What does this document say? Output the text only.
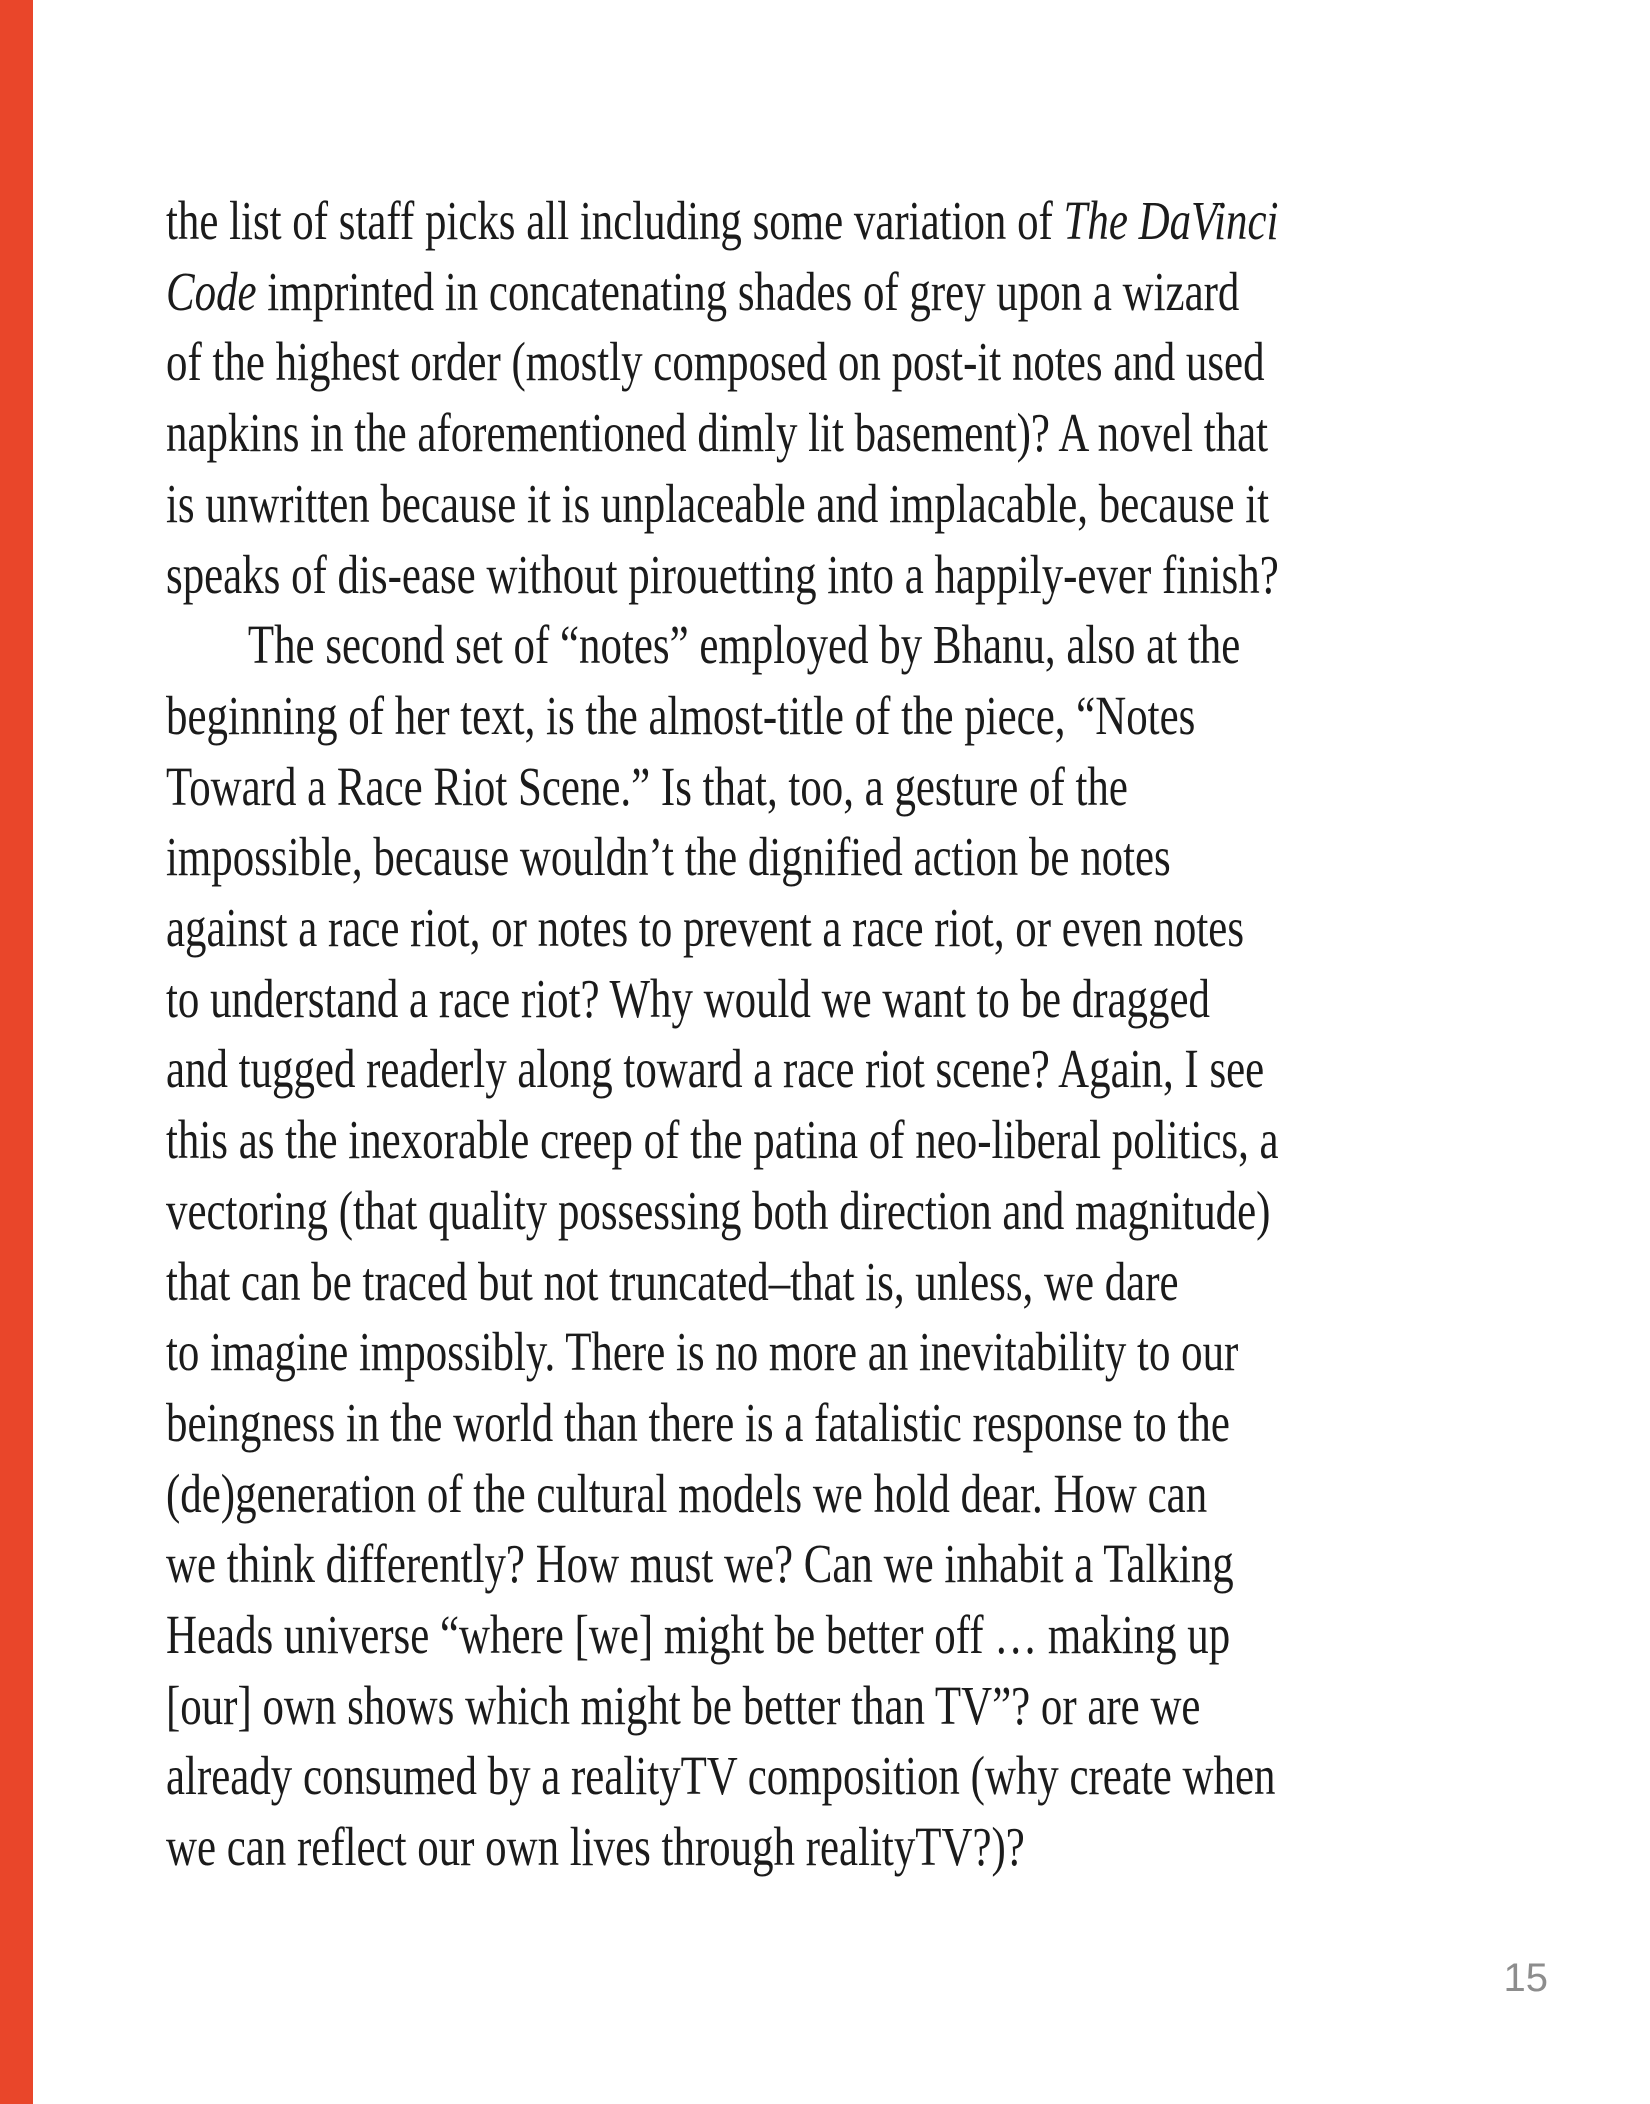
the list of staff picks all including some variation of The DaVinci
Code imprinted in concatenating shades of grey upon a wizard
of the highest order (mostly composed on post-it notes and used
napkins in the aforementioned dimly lit basement)? A novel that
is unwritten because it is unplaceable and implacable, because it
speaks of dis-ease without pirouetting into a happily-ever finish?
The second set of “notes” employed by Bhanu, also at the
beginning of her text, is the almost-title of the piece, “Notes
Toward a Race Riot Scene.” Is that, too, a gesture of the
impossible, because wouldn’t the dignified action be notes
against a race riot, or notes to prevent a race riot, or even notes
to understand a race riot? Why would we want to be dragged
and tugged readerly along toward a race riot scene? Again, I see
this as the inexorable creep of the patina of neo-liberal politics, a
vectoring (that quality possessing both direction and magnitude)
that can be traced but not truncated–that is, unless, we dare
to imagine impossibly. There is no more an inevitability to our
beingness in the world than there is a fatalistic response to the
(de)generation of the cultural models we hold dear. How can
we think differently? How must we? Can we inhabit a Talking
Heads universe “where [we] might be better off … making up
[our] own shows which might be better than TV”? or are we
already consumed by a realityTV composition (why create when
we can reflect our own lives through realityTV?)?
15
